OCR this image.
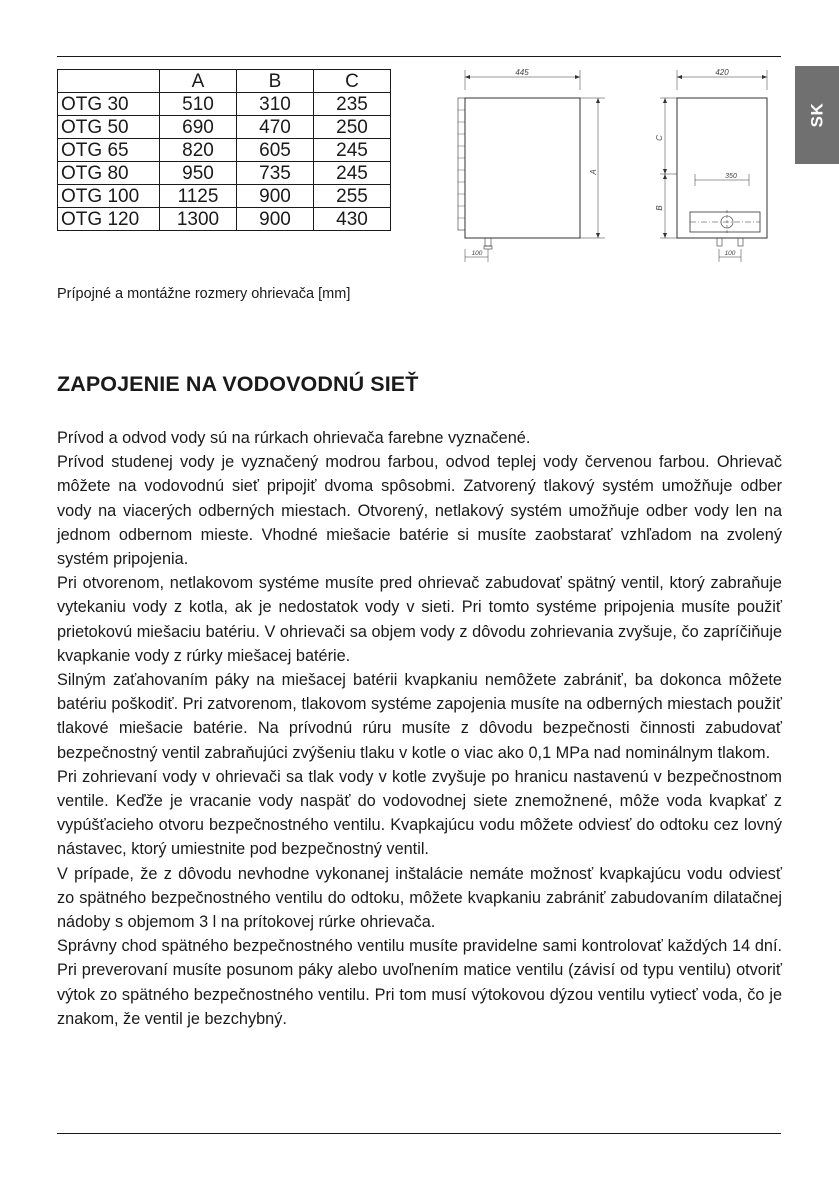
	A	B	C
OTG 30	510	310	235
OTG 50	690	470	250
OTG 65	820	605	245
OTG 80	950	735	245
OTG 100	1125	900	255
OTG 120	1300	900	430
445
A
100
420
350
C
B
100
SK
Prípojné a montážne rozmery ohrievača [mm]
ZAPOJENIE NA VODOVODNÚ SIEŤ

Prívod a odvod vody sú na rúrkach ohrievača farebne vyznačené.

Prívod studenej vody je vyznačený modrou farbou, odvod teplej vody červenou farbou. Ohrievač môžete na vodovodnú sieť pripojiť dvoma spôsobmi. Zatvorený tlakový systém umožňuje odber vody na viacerých odberných miestach. Otvorený, netlakový systém umožňuje odber vody len na jednom odbernom mieste. Vhodné miešacie batérie si musíte zaobstarať vzhľadom na zvolený systém pripojenia.

Pri otvorenom, netlakovom systéme musíte pred ohrievač zabudovať spätný ventil, ktorý zabraňuje vytekaniu vody z kotla, ak je nedostatok vody v sieti. Pri tomto systéme pripojenia musíte použiť prietokovú miešaciu batériu. V ohrievači sa objem vody z dôvodu zohrievania zvyšuje, čo zapríčiňuje kvapkanie vody z rúrky miešacej batérie.

Silným zaťahovaním páky na miešacej batérii kvapkaniu nemôžete zabrániť, ba dokonca môžete batériu poškodiť. Pri zatvorenom, tlakovom systéme zapojenia musíte na odberných miestach použiť tlakové miešacie batérie. Na prívodnú rúru musíte z dôvodu bezpečnosti činnosti zabudovať bezpečnostný ventil zabraňujúci zvýšeniu tlaku v kotle o viac ako 0,1 MPa nad nominálnym tlakom.

Pri zohrievaní vody v ohrievači sa tlak vody v kotle zvyšuje po hranicu nastavenú v bezpečnostnom ventile. Keďže je vracanie vody naspäť do vodovodnej siete znemožnené, môže voda kvapkať z vypúšťacieho otvoru bezpečnostného ventilu. Kvapkajúcu vodu môžete odviesť do odtoku cez lovný nástavec, ktorý umiestnite pod bezpečnostný ventil.

V prípade, že z dôvodu nevhodne vykonanej inštalácie nemáte možnosť kvapkajúcu vodu odviesť zo spätného bezpečnostného ventilu do odtoku, môžete kvapkaniu zabrániť zabudovaním dilatačnej nádoby s objemom 3 l na prítokovej rúrke ohrievača.

Správny chod spätného bezpečnostného ventilu musíte pravidelne sami kontrolovať každých 14 dní. Pri preverovaní musíte posunom páky alebo uvoľnením matice ventilu (závisí od typu ventilu) otvoriť výtok zo spätného bezpečnostného ventilu. Pri tom musí výtokovou dýzou ventilu vytiecť voda, čo je znakom, že ventil je bezchybný.
